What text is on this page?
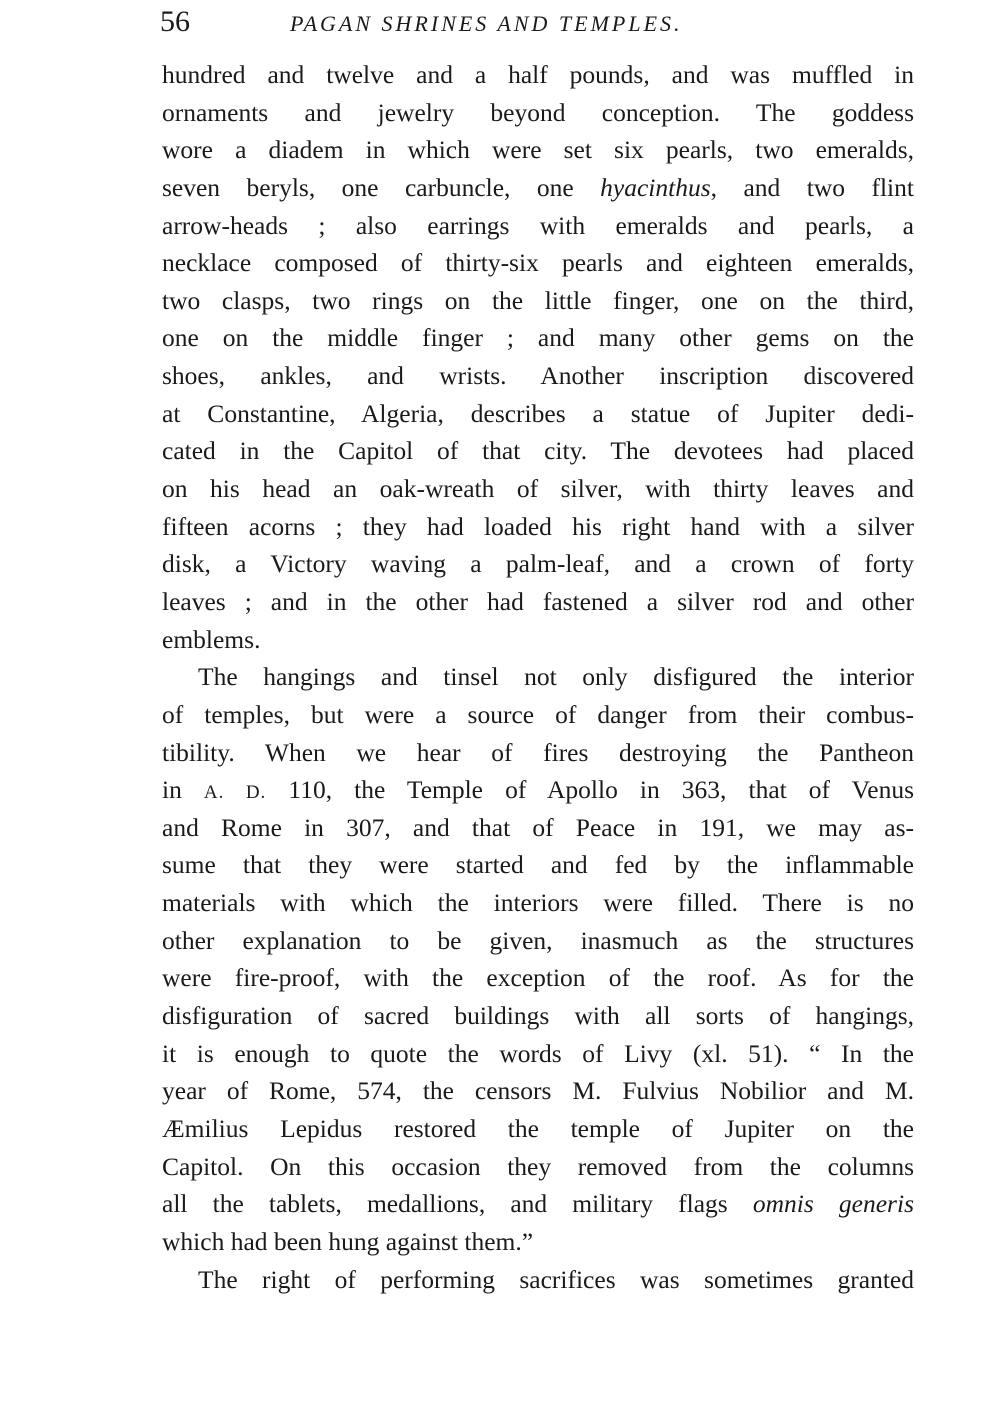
56	PAGAN SHRINES AND TEMPLES.
hundred and twelve and a half pounds, and was muffled in
ornaments and jewelry beyond conception. The goddess
wore a diadem in which were set six pearls, two emeralds,
seven beryls, one carbuncle, one hyacinthus, and two flint
arrow-heads ; also earrings with emeralds and pearls, a
necklace composed of thirty-six pearls and eighteen emeralds,
two clasps, two rings on the little finger, one on the third,
one on the middle finger ; and many other gems on the
shoes, ankles, and wrists. Another inscription discovered
at Constantine, Algeria, describes a statue of Jupiter dedi-
cated in the Capitol of that city. The devotees had placed
on his head an oak-wreath of silver, with thirty leaves and
fifteen acorns ; they had loaded his right hand with a silver
disk, a Victory waving a palm-leaf, and a crown of forty
leaves ; and in the other had fastened a silver rod and other
emblems.
The hangings and tinsel not only disfigured the interior
of temples, but were a source of danger from their combus-
tibility. When we hear of fires destroying the Pantheon
in A. D. 110, the Temple of Apollo in 363, that of Venus
and Rome in 307, and that of Peace in 191, we may as-
sume that they were started and fed by the inflammable
materials with which the interiors were filled. There is no
other explanation to be given, inasmuch as the structures
were fire-proof, with the exception of the roof. As for the
disfiguration of sacred buildings with all sorts of hangings,
it is enough to quote the words of Livy (xl. 51). “ In the
year of Rome, 574, the censors M. Fulvius Nobilior and M.
Æmilius Lepidus restored the temple of Jupiter on the
Capitol. On this occasion they removed from the columns
all the tablets, medallions, and military flags omnis generis
which had been hung against them.”
The right of performing sacrifices was sometimes granted
